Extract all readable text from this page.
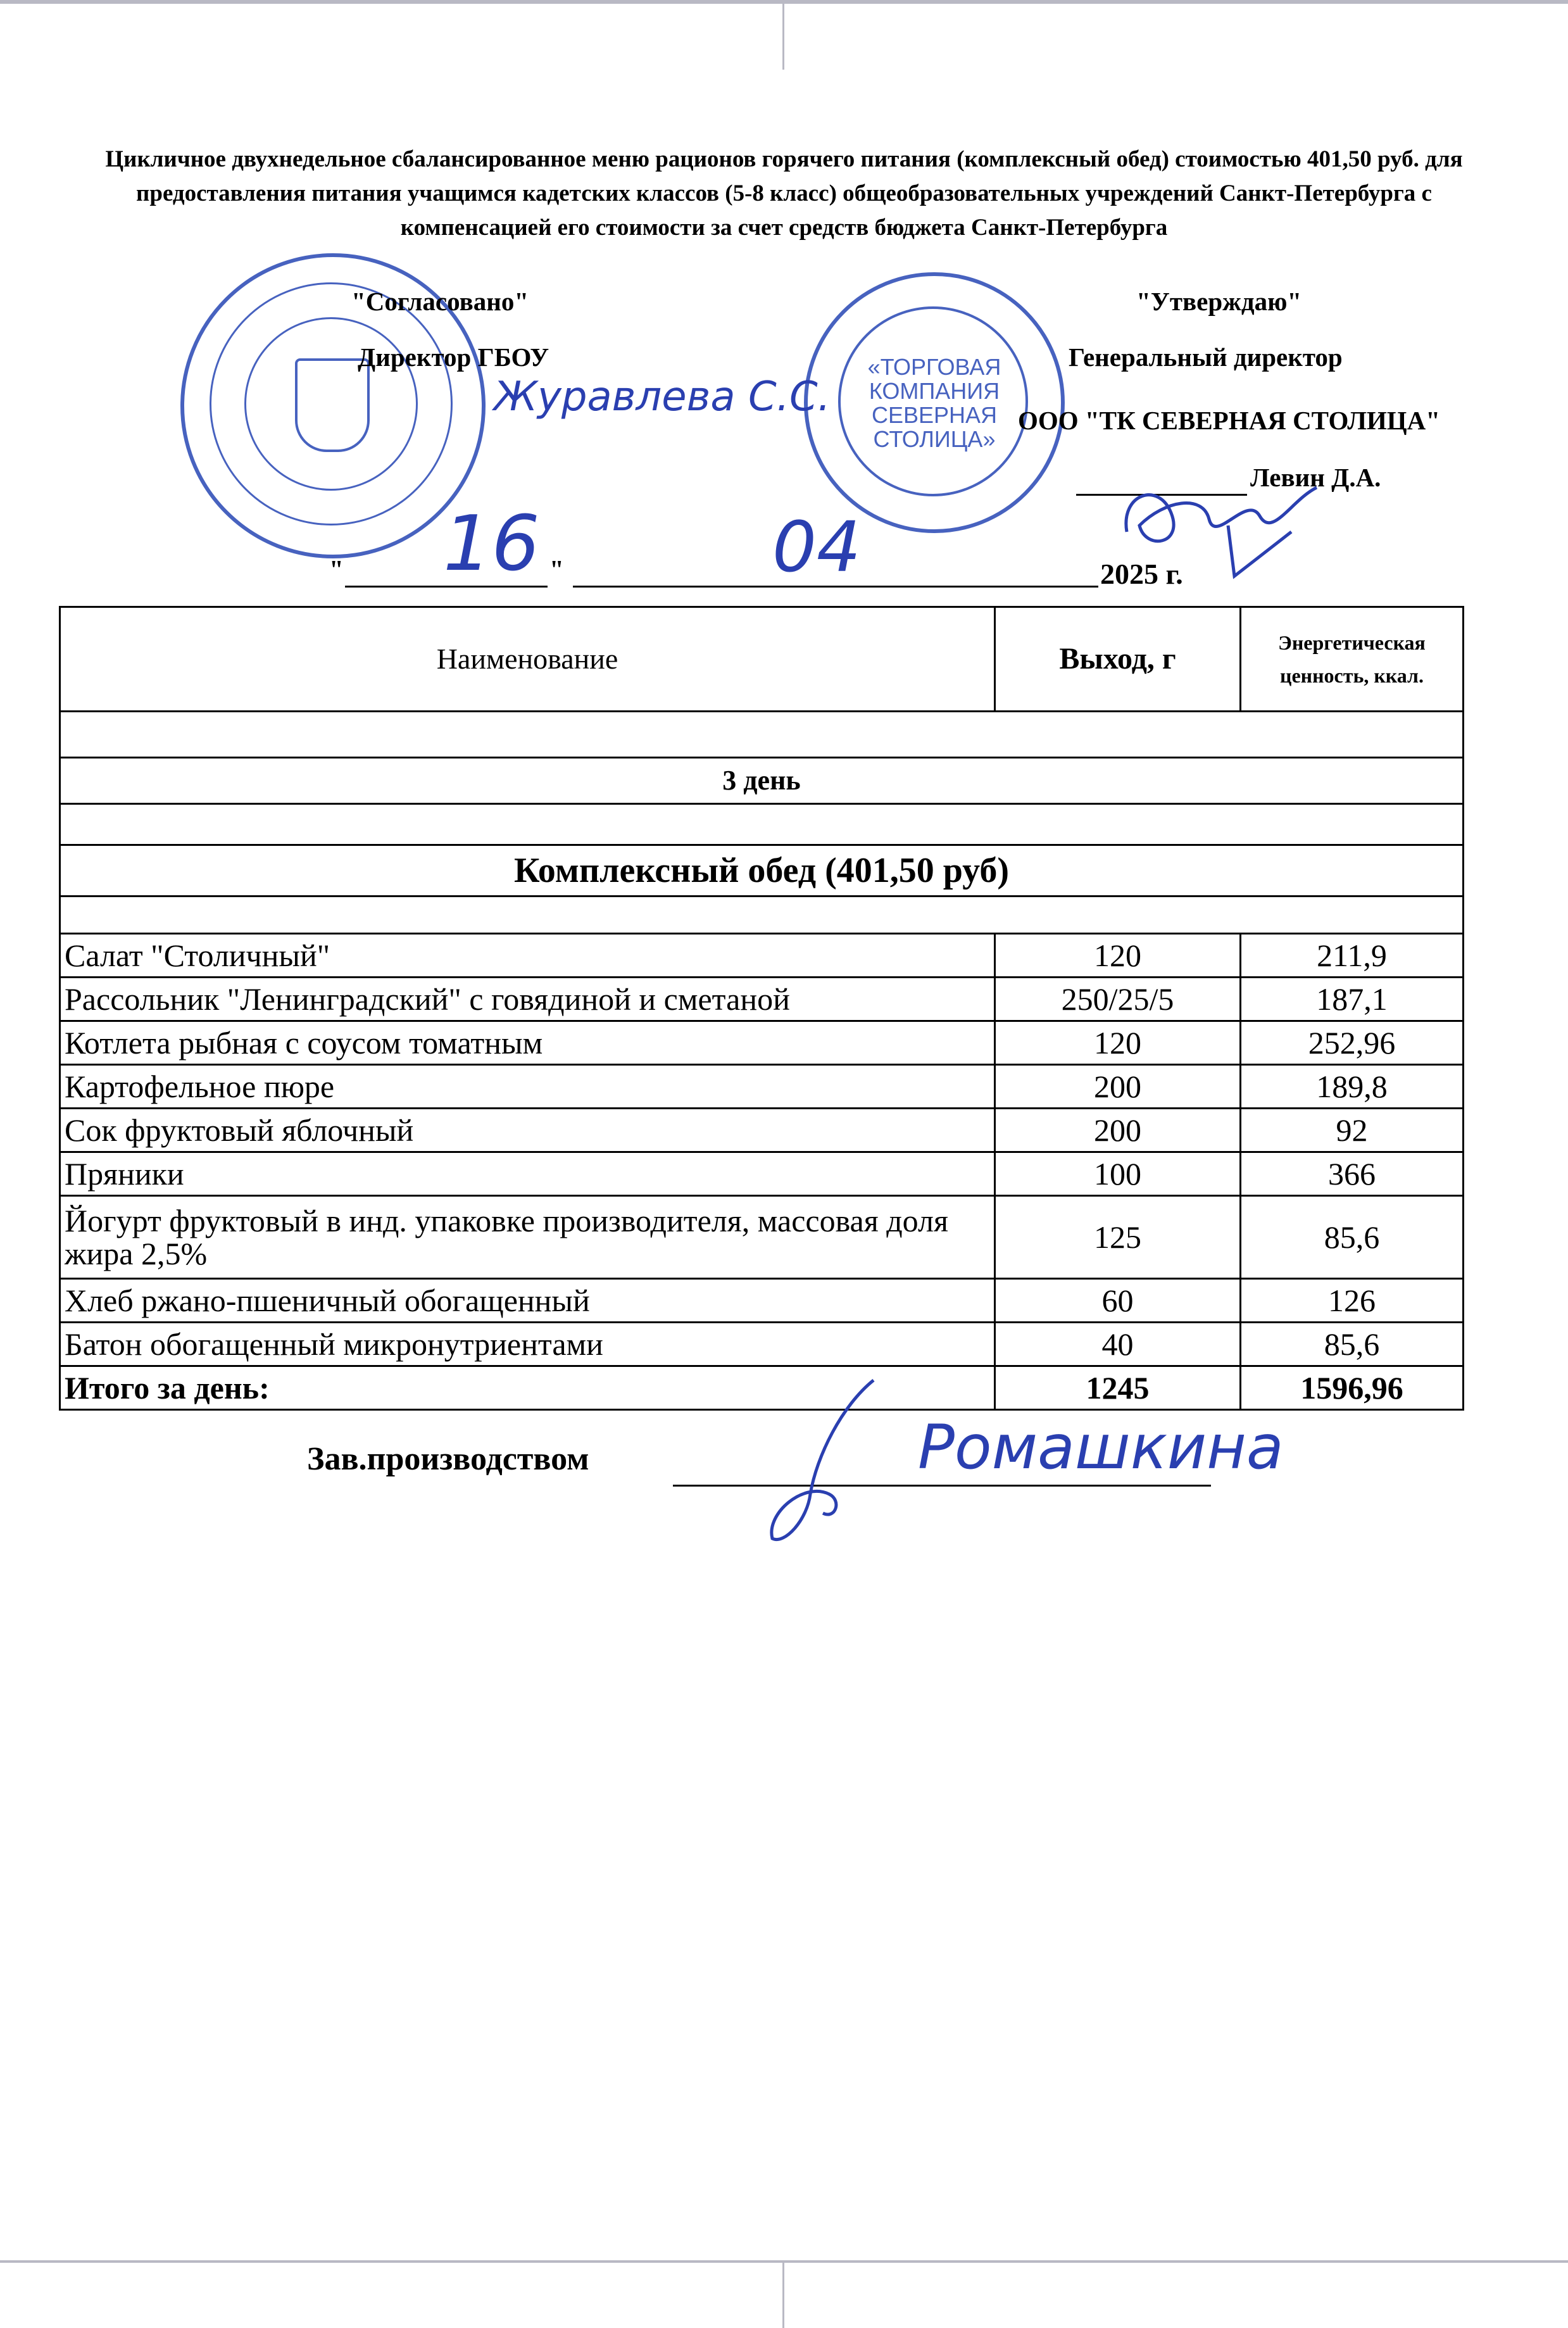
Цикличное двухнедельное сбалансированное меню рационов горячего питания (комплексный обед) стоимостью 401,50 руб. для предоставления питания учащимся кадетских классов (5-8 класс) общеобразовательных учреждений Санкт-Петербурга с компенсацией его стоимости за счет средств бюджета Санкт-Петербурга
«ТОРГОВАЯ
КОМПАНИЯ
СЕВЕРНАЯ
СТОЛИЦА»
"Согласовано"
Директор ГБОУ
Журавлева С.С.
"Утверждаю"
Генеральный директор
ООО "ТК СЕВЕРНАЯ СТОЛИЦА"
Левин Д.А.
" 16 "	04	2025 г.
Наименование	Выход, г	Энергетическая ценность, ккал.

3 день		

Комплексный обед (401,50 руб)		

Салат "Столичный"	120	211,9
Рассольник "Ленинградский" с говядиной и сметаной	250/25/5	187,1
Котлета рыбная с соусом томатным	120	252,96
Картофельное пюре	200	189,8
Сок фруктовый яблочный	200	92
Пряники	100	366
Йогурт фруктовый в инд. упаковке производителя, массовая доля жира 2,5%	125	85,6
Хлеб ржано-пшеничный обогащенный	60	126
Батон обогащенный микронутриентами	40	85,6
Итого за день:	1245	1596,96
Зав.производством	Ромашкина
